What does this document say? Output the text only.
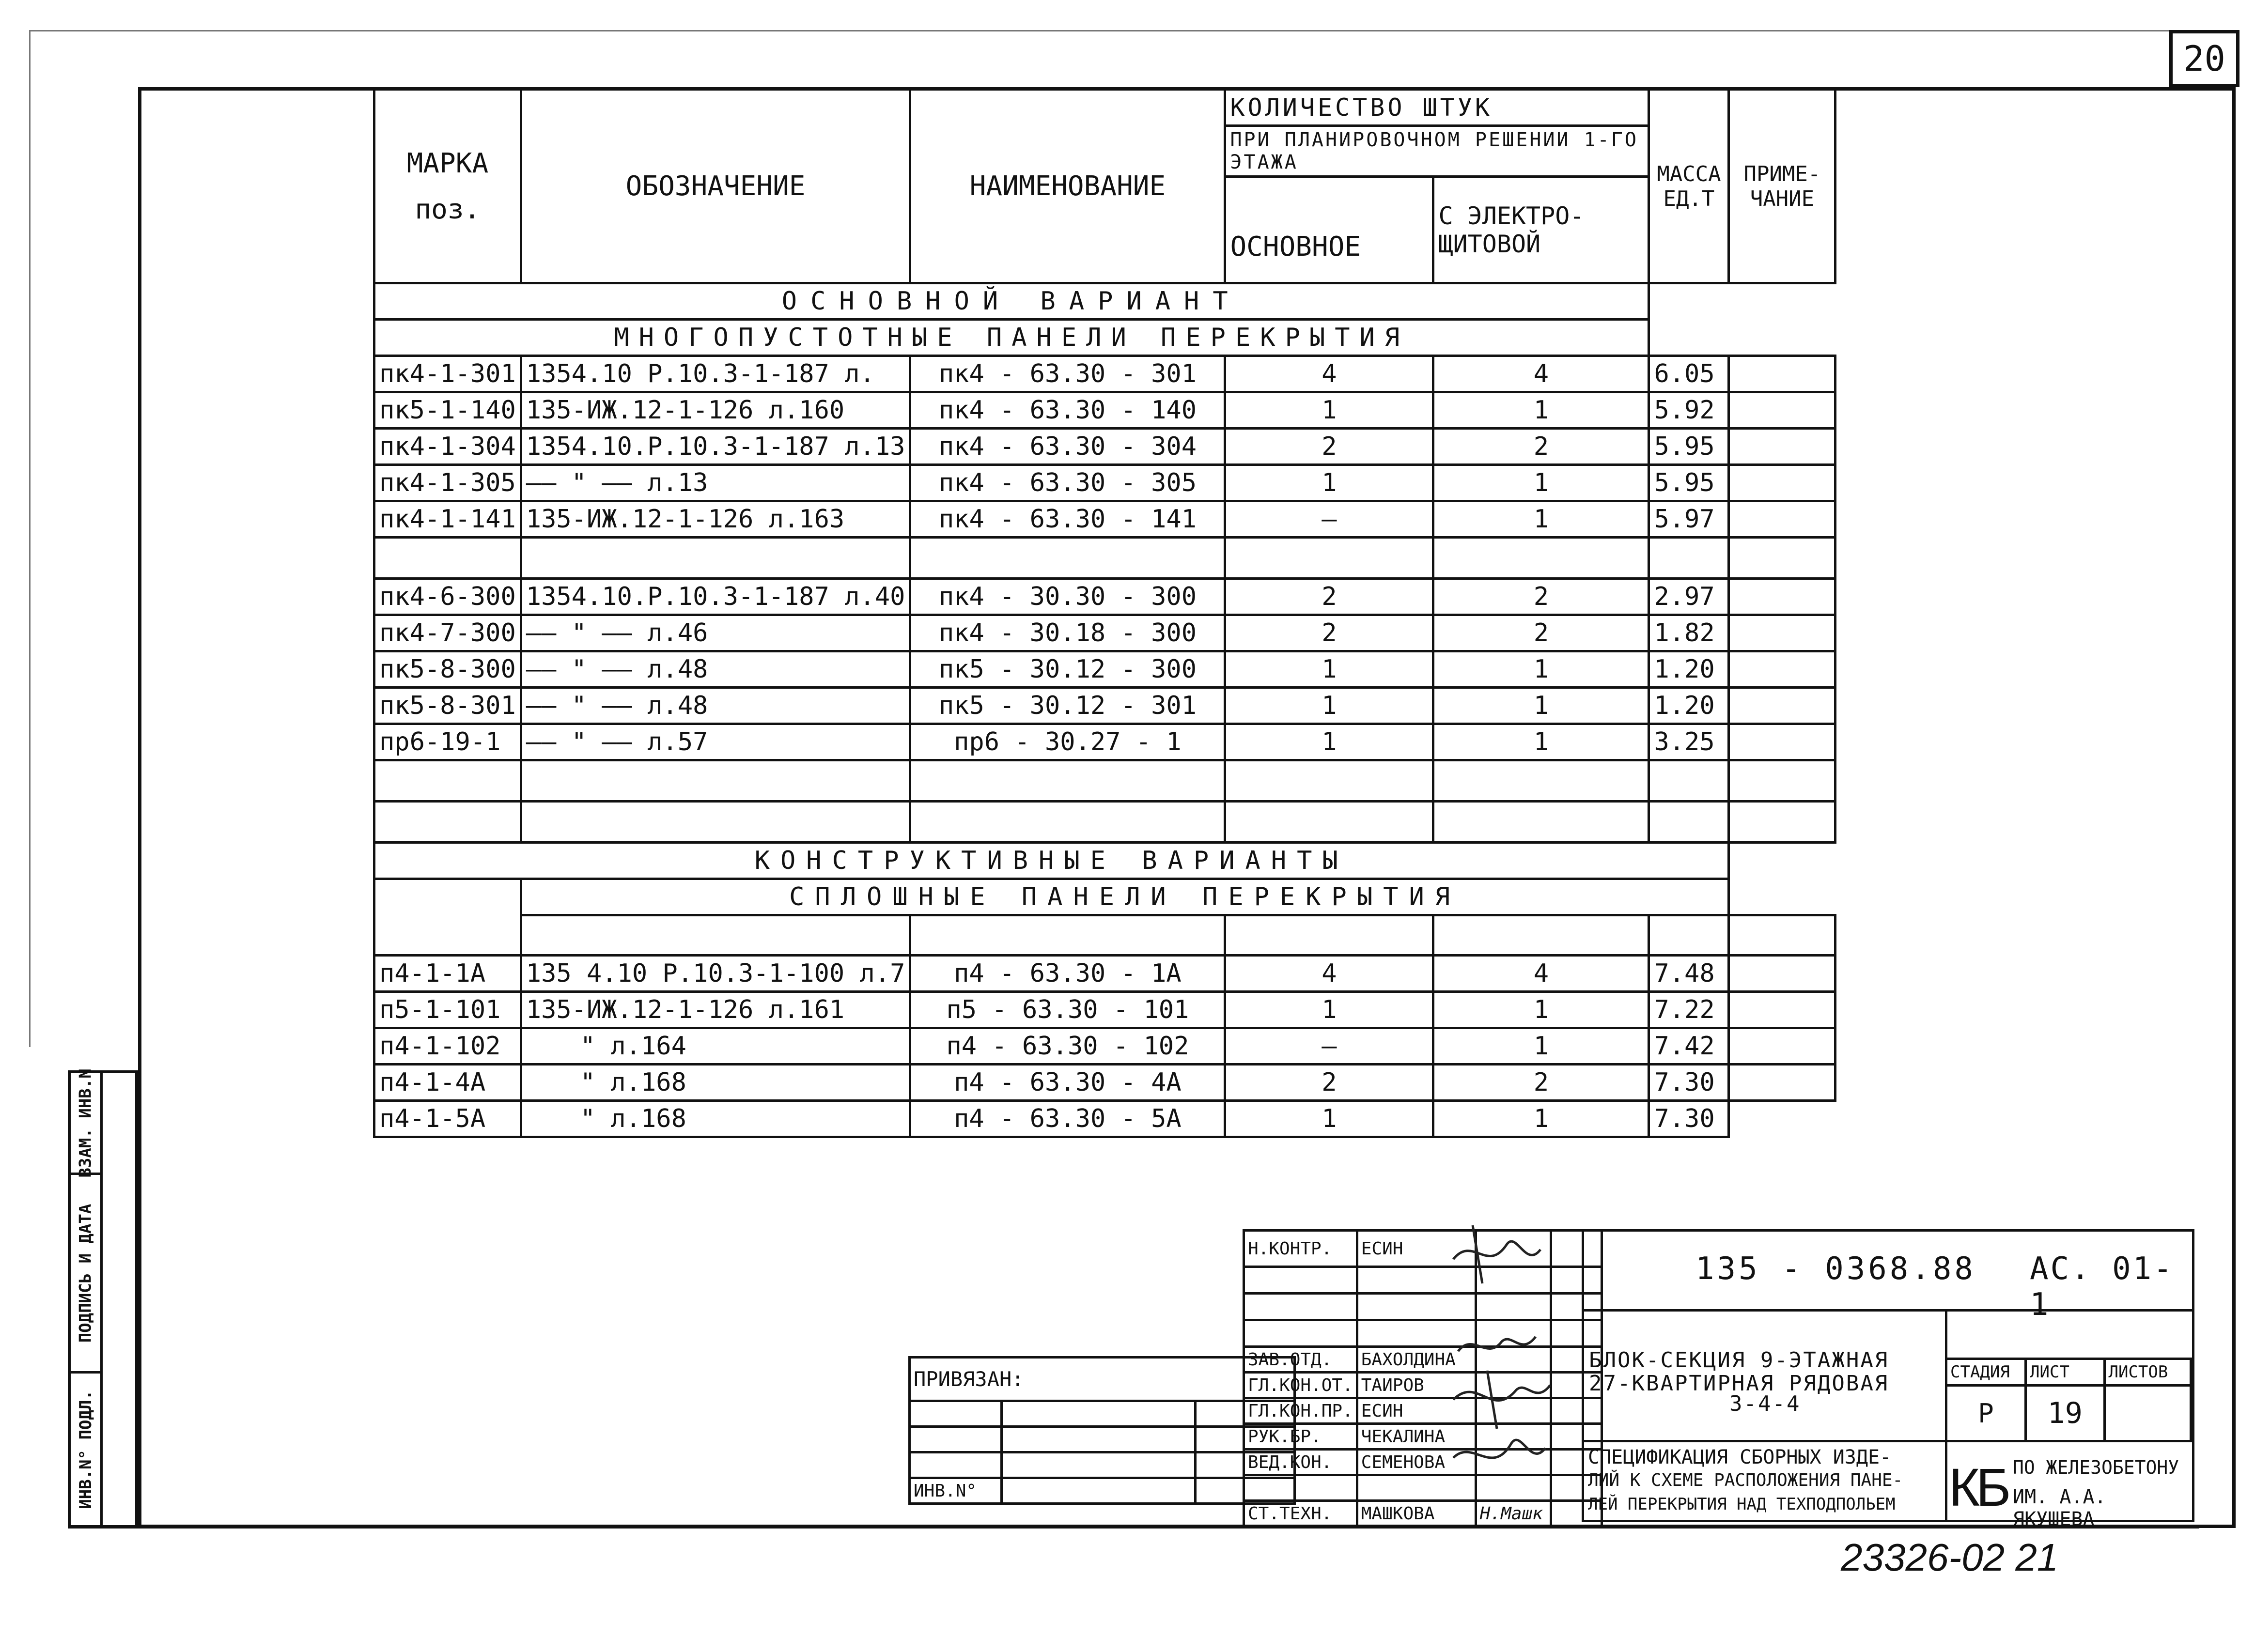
20
МАРКА
поз.	ОБОЗНАЧЕНИЕ	НАИМЕНОВАНИЕ	КОЛИЧЕСТВО ШТУК		МАССА ЕД.Т	ПРИМЕ-ЧАНИЕ
			ПРИ ПЛАНИРОВОЧНОМ РЕШЕНИИ 1-ГО ЭТАЖА			
			ОСНОВНОЕ	С ЭЛЕКТРО-ЩИТОВОЙ		
ОСНОВНОЙ ВАРИАНТ						
МНОГОПУСТОТНЫЕ ПАНЕЛИ ПЕРЕКРЫТИЯ						
пк4-1-301	1354.10 Р.10.3-1-187 л.	пк4 - 63.30 - 301	4	4	6.05	
пк5-1-140	135-ИЖ.12-1-126 л.160	пк4 - 63.30 - 140	1	1	5.92	
пк4-1-304	1354.10.Р.10.3-1-187 л.13	пк4 - 63.30 - 304	2	2	5.95	
пк4-1-305	—— " —— л.13	пк4 - 63.30 - 305	1	1	5.95	
пк4-1-141	135-ИЖ.12-1-126 л.163	пк4 - 63.30 - 141	—	1	5.97	

пк4-6-300	1354.10.Р.10.3-1-187 л.40	пк4 - 30.30 - 300	2	2	2.97	
пк4-7-300	—— " —— л.46	пк4 - 30.18 - 300	2	2	1.82	
пк5-8-300	—— " —— л.48	пк5 - 30.12 - 300	1	1	1.20	
пк5-8-301	—— " —— л.48	пк5 - 30.12 - 301	1	1	1.20	
пр6-19-1	—— " —— л.57	пр6 - 30.27 - 1	1	1	3.25	

КОНСТРУКТИВНЫЕ ВАРИАНТЫ						
	СПЛОШНЫЕ ПАНЕЛИ ПЕРЕКРЫТИЯ					

п4-1-1А	135 4.10 Р.10.3-1-100 л.7	п4 - 63.30 - 1А	4	4	7.48	
п5-1-101	135-ИЖ.12-1-126 л.161	п5 - 63.30 - 101	1	1	7.22	
п4-1-102	" л.164	п4 - 63.30 - 102	—	1	7.42	
п4-1-4А	" л.168	п4 - 63.30 - 4А	2	2	7.30	
п4-1-5А	" л.168	п4 - 63.30 - 5А	1	1	7.30	
ВЗАМ. ИНВ.N
ПОДПИСЬ И ДАТА
ИНВ.N° ПОДЛ.
ПРИВЯЗАН:			

ИНВ.N°			
Н.КОНТР.	ЕСИН		

ЗАВ.ОТД.	БАХОЛДИНА		
ГЛ.КОН.ОТ.	ТАИРОВ		
ГЛ.КОН.ПР.	ЕСИН		
РУК.БР.	ЧЕКАЛИНА		
ВЕД.КОН.	СЕМЕНОВА		

СТ.ТЕХН.	МАШКОВА	Н.Машк	
135 - 0368.88 АС. 01-1
БЛОК-СЕКЦИЯ 9-ЭТАЖНАЯ
27-КВАРТИРНАЯ РЯДОВАЯ
3-4-4
СПЕЦИФИКАЦИЯ СБОРНЫХ ИЗДЕ-
ЛИЙ К СХЕМЕ РАСПОЛОЖЕНИЯ ПАНЕ-
ЛЕЙ ПЕРЕКРЫТИЯ НАД ТЕХПОДПОЛЬЕМ
СТАДИЯ	ЛИСТ	ЛИСТОВ
Р	19	
КБ ПО ЖЕЛЕЗОБЕТОНУ
ИМ. А.А. ЯКУШЕВА
23326-02 21
